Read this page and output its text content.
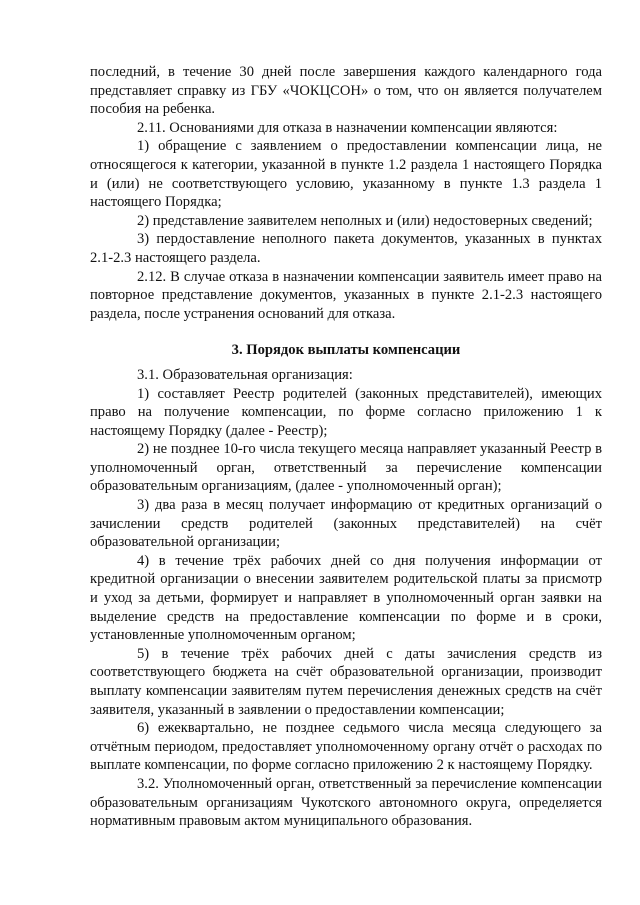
последний, в течение 30 дней после завершения каждого календарного года представляет справку из ГБУ «ЧОКЦСОН» о том, что он является получателем пособия на ребенка.

2.11. Основаниями для отказа в назначении компенсации являются:

1) обращение с заявлением о предоставлении компенсации лица, не относящегося к категории, указанной в пункте 1.2 раздела 1 настоящего Порядка и (или) не соответствующего условию, указанному в пункте 1.3 раздела 1 настоящего Порядка;

2) представление заявителем неполных и (или) недостоверных сведений;

3) пердоставление неполного пакета документов, указанных в пунктах 2.1-2.3 настоящего раздела.

2.12. В случае отказа в назначении компенсации заявитель имеет право на повторное представление документов, указанных в пункте 2.1-2.3 настоящего раздела, после устранения оснований для отказа.

3. Порядок выплаты компенсации

3.1. Образовательная организация:

1) составляет Реестр родителей (законных представителей), имеющих право на получение компенсации, по форме согласно приложению 1 к настоящему Порядку (далее - Реестр);

2) не позднее 10-го числа текущего месяца направляет указанный Реестр в уполномоченный орган, ответственный за перечисление компенсации образовательным организациям, (далее - уполномоченный орган);

3) два раза в месяц получает информацию от кредитных организаций о зачислении средств родителей (законных представителей) на счёт образовательной организации;

4) в течение трёх рабочих дней со дня получения информации от кредитной организации о внесении заявителем родительской платы за присмотр и уход за детьми, формирует и направляет в уполномоченный орган заявки на выделение средств на предоставление компенсации по форме и в сроки, установленные уполномоченным органом;

5) в течение трёх рабочих дней с даты зачисления средств из соответствующего бюджета на счёт образовательной организации, производит выплату компенсации заявителям путем перечисления денежных средств на счёт заявителя, указанный в заявлении о предоставлении компенсации;

6) ежеквартально, не позднее седьмого числа месяца следующего за отчётным периодом, предоставляет уполномоченному органу отчёт о расходах по выплате компенсации, по форме согласно приложению 2 к настоящему Порядку.

3.2. Уполномоченный орган, ответственный за перечисление компенсации образовательным организациям Чукотского автономного округа, определяется нормативным правовым актом муниципального образования.
